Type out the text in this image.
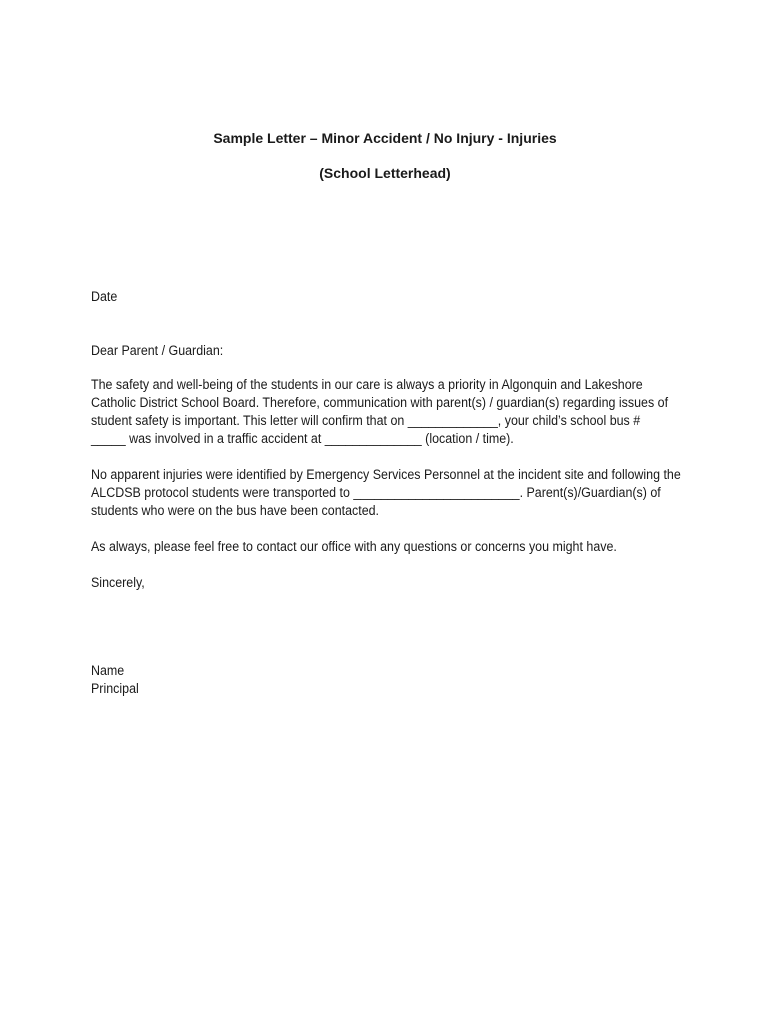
Sample Letter – Minor Accident / No Injury - Injuries
(School Letterhead)

Date

Dear Parent / Guardian:

The safety and well-being of the students in our care is always a priority in Algonquin and Lakeshore
Catholic District School Board. Therefore, communication with parent(s) / guardian(s) regarding issues of
student safety is important. This letter will confirm that on _____________, your child’s school bus #
_____ was involved in a traffic accident at ______________ (location / time).

No apparent injuries were identified by Emergency Services Personnel at the incident site and following the
ALCDSB protocol students were transported to ________________________. Parent(s)/Guardian(s) of
students who were on the bus have been contacted.

As always, please feel free to contact our office with any questions or concerns you might have.

Sincerely,

Name
Principal
